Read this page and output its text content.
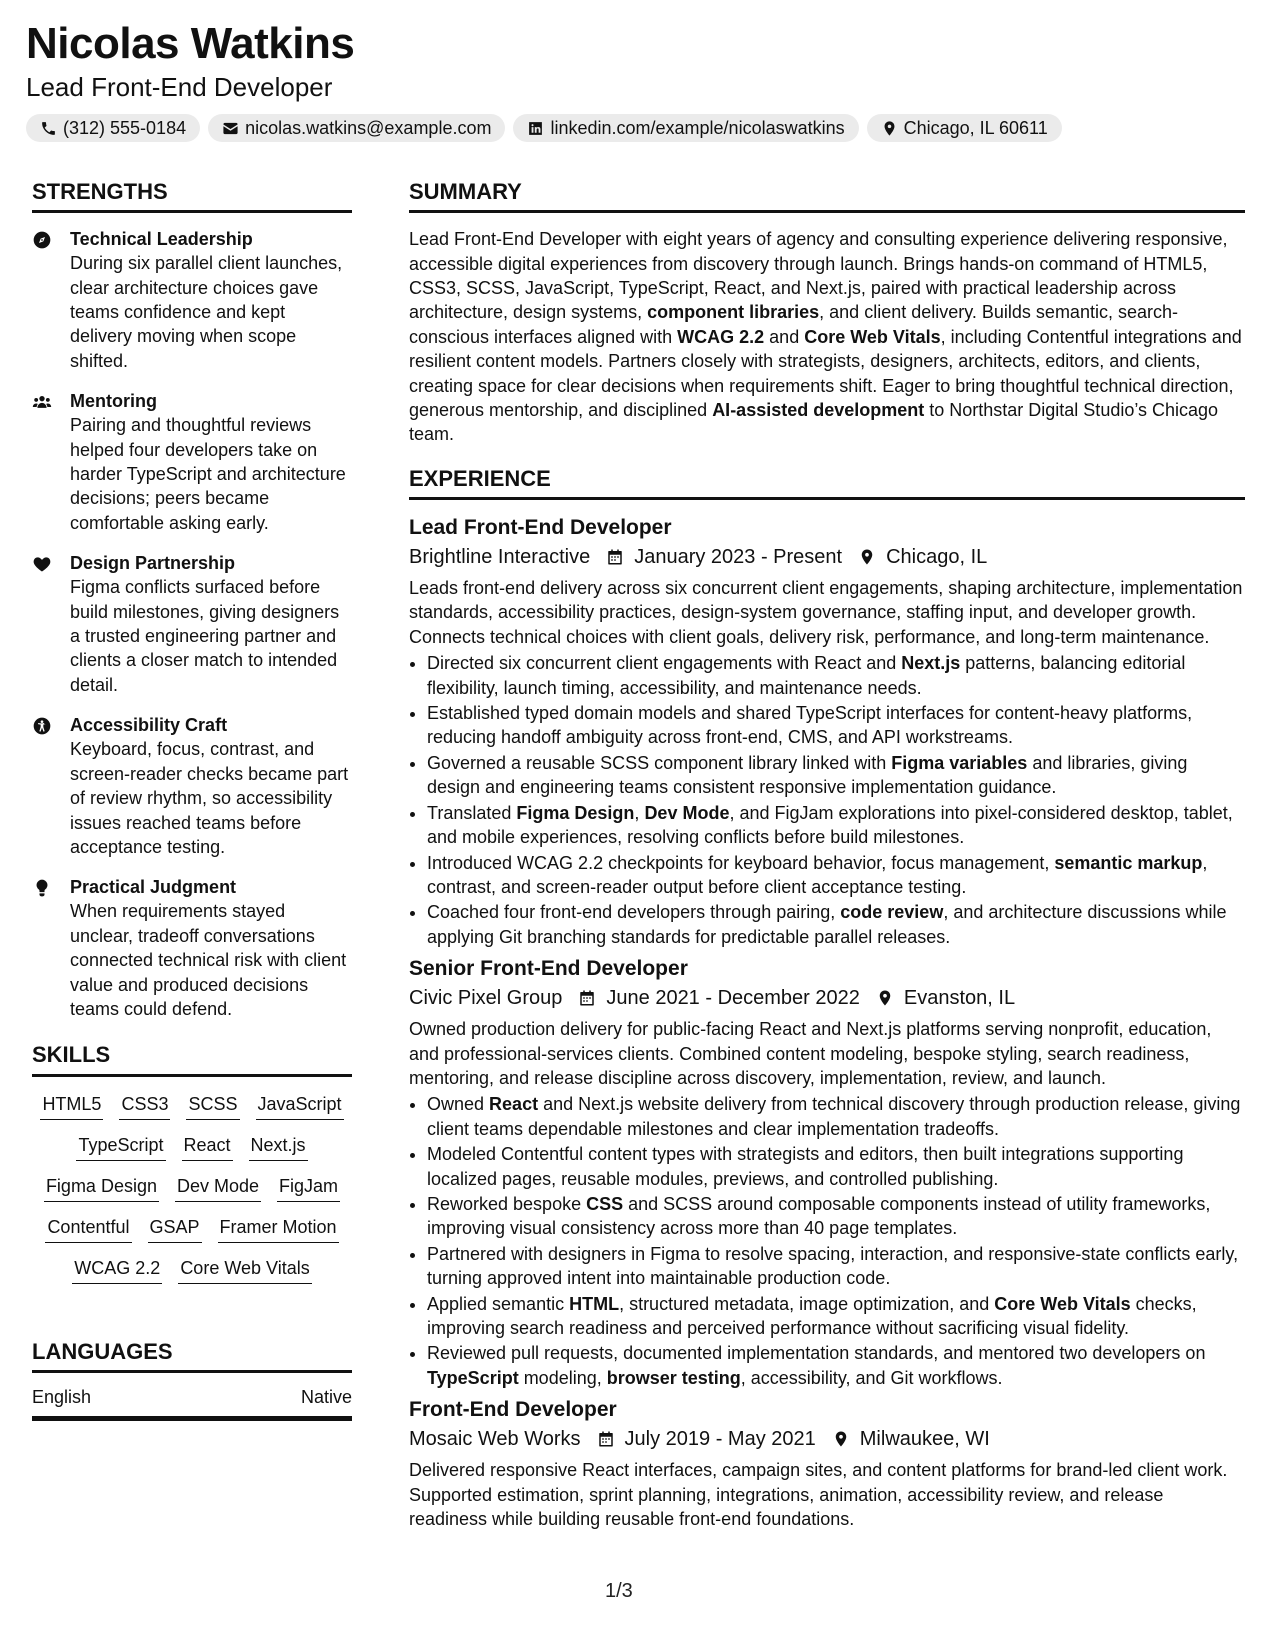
Nicolas Watkins
Lead Front-End Developer
(312) 555-0184	nicolas.watkins@example.com	linkedin.com/example/nicolaswatkins	Chicago, IL 60611
STRENGTHS
Technical Leadership
During six parallel client launches, clear architecture choices gave teams confidence and kept delivery moving when scope shifted.
Mentoring
Pairing and thoughtful reviews helped four developers take on harder TypeScript and architecture decisions; peers became comfortable asking early.
Design Partnership
Figma conflicts surfaced before build milestones, giving designers a trusted engineering partner and clients a closer match to intended detail.
Accessibility Craft
Keyboard, focus, contrast, and screen-reader checks became part of review rhythm, so accessibility issues reached teams before acceptance testing.
Practical Judgment
When requirements stayed unclear, tradeoff conversations connected technical risk with client value and produced decisions teams could defend.
SKILLS
HTML5 CSS3 SCSS JavaScript
TypeScript React Next.js
Figma Design Dev Mode FigJam
Contentful GSAP Framer Motion
WCAG 2.2 Core Web Vitals
LANGUAGES
English	Native
SUMMARY
Lead Front-End Developer with eight years of agency and consulting experience delivering responsive, accessible digital experiences from discovery through launch. Brings hands-on command of HTML5, CSS3, SCSS, JavaScript, TypeScript, React, and Next.js, paired with practical leadership across architecture, design systems, component libraries, and client delivery. Builds semantic, search-conscious interfaces aligned with WCAG 2.2 and Core Web Vitals, including Contentful integrations and resilient content models. Partners closely with strategists, designers, architects, editors, and clients, creating space for clear decisions when requirements shift. Eager to bring thoughtful technical direction, generous mentorship, and disciplined AI-assisted development to Northstar Digital Studio’s Chicago team.
EXPERIENCE
Lead Front-End Developer
Brightline Interactive January 2023 - Present Chicago, IL
Leads front-end delivery across six concurrent client engagements, shaping architecture, implementation standards, accessibility practices, design-system governance, staffing input, and developer growth. Connects technical choices with client goals, delivery risk, performance, and long-term maintenance.
• Directed six concurrent client engagements with React and Next.js patterns, balancing editorial flexibility, launch timing, accessibility, and maintenance needs.
• Established typed domain models and shared TypeScript interfaces for content-heavy platforms, reducing handoff ambiguity across front-end, CMS, and API workstreams.
• Governed a reusable SCSS component library linked with Figma variables and libraries, giving design and engineering teams consistent responsive implementation guidance.
• Translated Figma Design, Dev Mode, and FigJam explorations into pixel-considered desktop, tablet, and mobile experiences, resolving conflicts before build milestones.
• Introduced WCAG 2.2 checkpoints for keyboard behavior, focus management, semantic markup, contrast, and screen-reader output before client acceptance testing.
• Coached four front-end developers through pairing, code review, and architecture discussions while applying Git branching standards for predictable parallel releases.
Senior Front-End Developer
Civic Pixel Group June 2021 - December 2022 Evanston, IL
Owned production delivery for public-facing React and Next.js platforms serving nonprofit, education, and professional-services clients. Combined content modeling, bespoke styling, search readiness, mentoring, and release discipline across discovery, implementation, review, and launch.
• Owned React and Next.js website delivery from technical discovery through production release, giving client teams dependable milestones and clear implementation tradeoffs.
• Modeled Contentful content types with strategists and editors, then built integrations supporting localized pages, reusable modules, previews, and controlled publishing.
• Reworked bespoke CSS and SCSS around composable components instead of utility frameworks, improving visual consistency across more than 40 page templates.
• Partnered with designers in Figma to resolve spacing, interaction, and responsive-state conflicts early, turning approved intent into maintainable production code.
• Applied semantic HTML, structured metadata, image optimization, and Core Web Vitals checks, improving search readiness and perceived performance without sacrificing visual fidelity.
• Reviewed pull requests, documented implementation standards, and mentored two developers on TypeScript modeling, browser testing, accessibility, and Git workflows.
Front-End Developer
Mosaic Web Works July 2019 - May 2021 Milwaukee, WI
Delivered responsive React interfaces, campaign sites, and content platforms for brand-led client work. Supported estimation, sprint planning, integrations, animation, accessibility review, and release readiness while building reusable front-end foundations.
1/3
